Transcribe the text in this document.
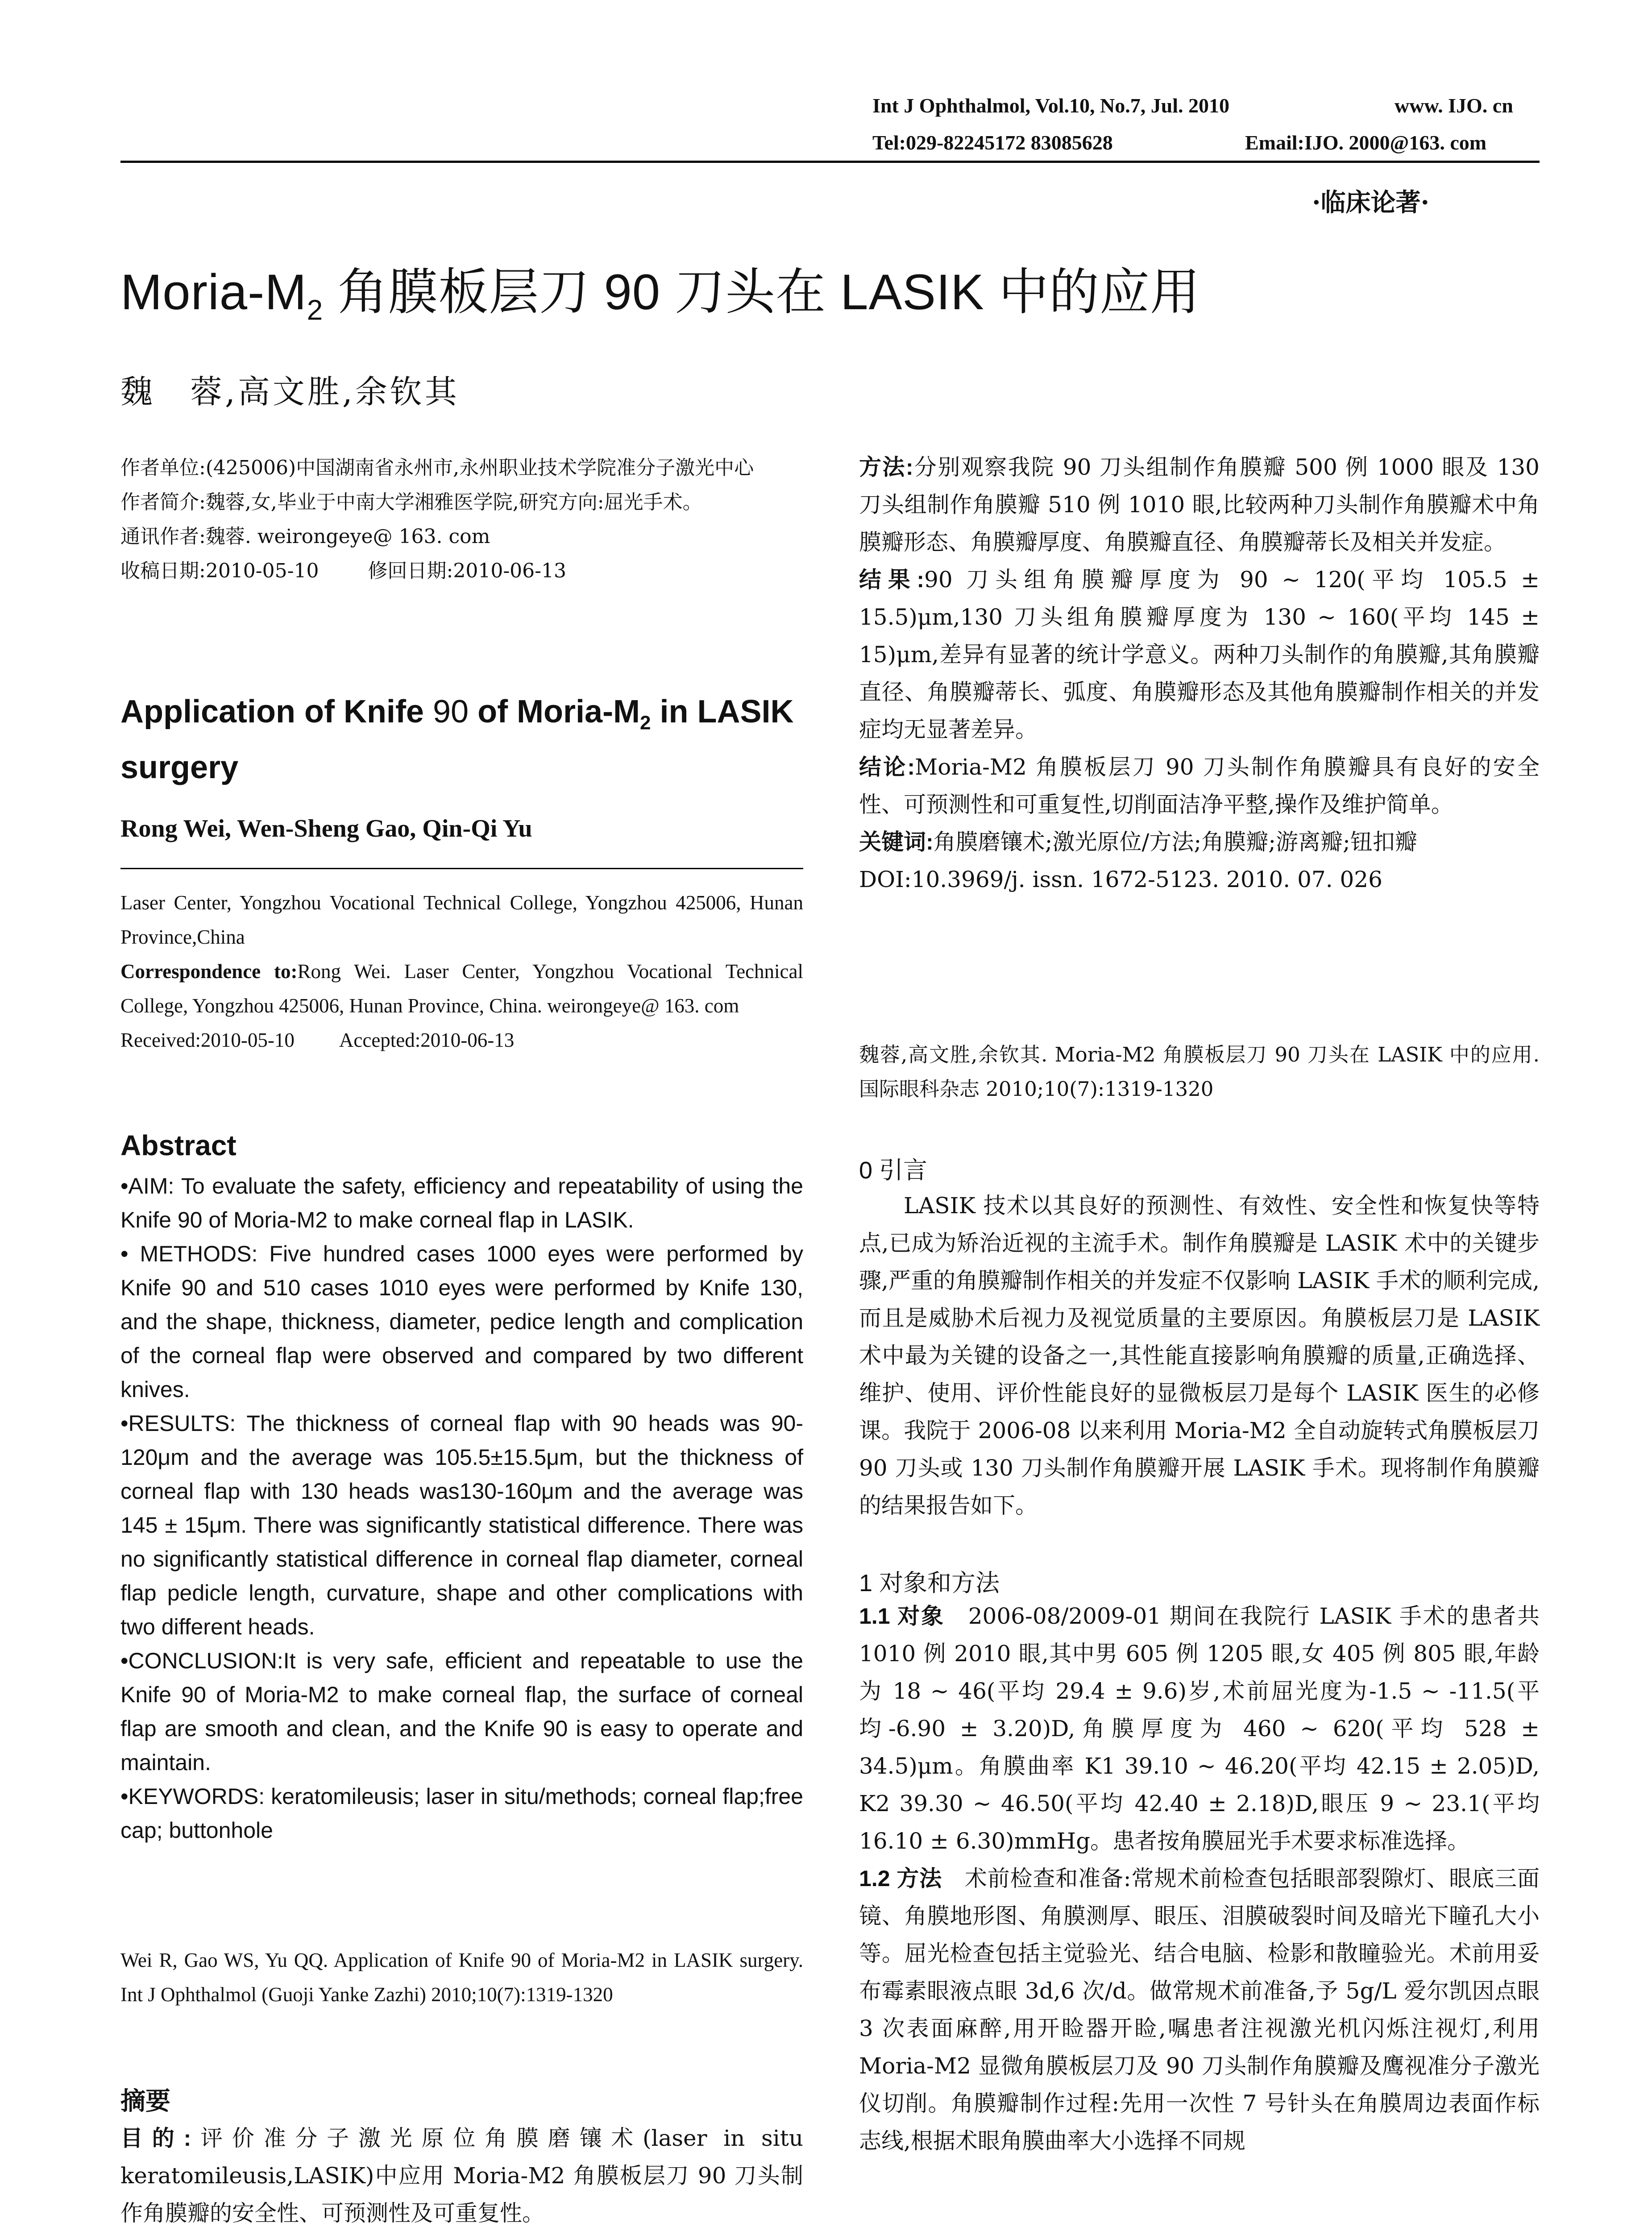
Int J Ophthalmol, Vol.10, No.7, Jul. 2010	www. IJO. cn
Tel:029-82245172 83085628	Email:IJO. 2000@163. com
·临床论著·
Moria-$M_2$ 角膜板层刀 90 刀头在 LASIK 中的应用
魏　蓉,高文胜,余钦其

作者单位:(425006)中国湖南省永州市,永州职业技术学院准分子激光中心

作者简介:魏蓉,女,毕业于中南大学湘雅医学院,研究方向:屈光手术。

通讯作者:魏蓉. weirongeye@ 163. com

收稿日期:2010-05-10	修回日期:2010-06-13

Application of Knife 90 of Moria-$M_2$ in LASIK surgery
Rong Wei, Wen-Sheng Gao, Qin-Qi Yu

Laser Center, Yongzhou Vocational Technical College, Yongzhou 425006, Hunan Province,China

Correspondence to:Rong Wei. Laser Center, Yongzhou Vocational Technical College, Yongzhou 425006, Hunan Province, China. weirongeye@ 163. com

Received:2010-05-10 Accepted:2010-06-13

Abstract

•AIM: To evaluate the safety, efficiency and repeatability of using the Knife 90 of Moria-M2 to make corneal flap in LASIK.

• METHODS: Five hundred cases 1000 eyes were performed by Knife 90 and 510 cases 1010 eyes were performed by Knife 130, and the shape, thickness, diameter, pedice length and complication of the corneal flap were observed and compared by two different knives.

•RESULTS: The thickness of corneal flap with 90 heads was 90-120μm and the average was 105.5±15.5μm, but the thickness of corneal flap with 130 heads was130-160μm and the average was 145 ± 15μm. There was significantly statistical difference. There was no significantly statistical difference in corneal flap diameter, corneal flap pedicle length, curvature, shape and other complications with two different heads.

•CONCLUSION:It is very safe, efficient and repeatable to use the Knife 90 of Moria-M2 to make corneal flap, the surface of corneal flap are smooth and clean, and the Knife 90 is easy to operate and maintain.

•KEYWORDS: keratomileusis; laser in situ/methods; corneal flap;free cap; buttonhole

Wei R, Gao WS, Yu QQ. Application of Knife 90 of Moria-M2 in LASIK surgery. Int J Ophthalmol (Guoji Yanke Zazhi) 2010;10(7):1319-1320

摘要

目的:评价准分子激光原位角膜磨镶术(laser in situ keratomileusis,LASIK)中应用 Moria-M2 角膜板层刀 90 刀头制作角膜瓣的安全性、可预测性及可重复性。

方法:分别观察我院 90 刀头组制作角膜瓣 500 例 1000 眼及 130 刀头组制作角膜瓣 510 例 1010 眼,比较两种刀头制作角膜瓣术中角膜瓣形态、角膜瓣厚度、角膜瓣直径、角膜瓣蒂长及相关并发症。

结果:90 刀头组角膜瓣厚度为 90 ~ 120(平均 105.5 ± 15.5)μm,130 刀头组角膜瓣厚度为 130 ~ 160(平均 145 ± 15)μm,差异有显著的统计学意义。两种刀头制作的角膜瓣,其角膜瓣直径、角膜瓣蒂长、弧度、角膜瓣形态及其他角膜瓣制作相关的并发症均无显著差异。

结论:Moria-M2 角膜板层刀 90 刀头制作角膜瓣具有良好的安全性、可预测性和可重复性,切削面洁净平整,操作及维护简单。

关键词:角膜磨镶术;激光原位/方法;角膜瓣;游离瓣;钮扣瓣

DOI:10.3969/j. issn. 1672-5123. 2010. 07. 026

魏蓉,高文胜,余钦其. Moria-M2 角膜板层刀 90 刀头在 LASIK 中的应用. 国际眼科杂志 2010;10(7):1319-1320

0 引言

LASIK 技术以其良好的预测性、有效性、安全性和恢复快等特点,已成为矫治近视的主流手术。制作角膜瓣是 LASIK 术中的关键步骤,严重的角膜瓣制作相关的并发症不仅影响 LASIK 手术的顺利完成,而且是威胁术后视力及视觉质量的主要原因。角膜板层刀是 LASIK 术中最为关键的设备之一,其性能直接影响角膜瓣的质量,正确选择、维护、使用、评价性能良好的显微板层刀是每个 LASIK 医生的必修课。我院于 2006-08 以来利用 Moria-M2 全自动旋转式角膜板层刀 90 刀头或 130 刀头制作角膜瓣开展 LASIK 手术。现将制作角膜瓣的结果报告如下。

1 对象和方法

1.1 对象　 2006-08/2009-01 期间在我院行 LASIK 手术的患者共 1010 例 2010 眼,其中男 605 例 1205 眼,女 405 例 805 眼,年龄为 18 ~ 46(平均 29.4 ± 9.6)岁,术前屈光度为-1.5 ~ -11.5(平均-6.90 ± 3.20)D,角膜厚度为 460 ~ 620(平均 528 ± 34.5)μm。角膜曲率 K1 39.10 ~ 46.20(平均 42.15 ± 2.05)D, K2 39.30 ~ 46.50(平均 42.40 ± 2.18)D,眼压 9 ~ 23.1(平均 16.10 ± 6.30)mmHg。患者按角膜屈光手术要求标准选择。

1.2 方法　 术前检查和准备:常规术前检查包括眼部裂隙灯、眼底三面镜、角膜地形图、角膜测厚、眼压、泪膜破裂时间及暗光下瞳孔大小等。屈光检查包括主觉验光、结合电脑、检影和散瞳验光。术前用妥布霉素眼液点眼 3d,6 次/d。做常规术前准备,予 5g/L 爱尔凯因点眼 3 次表面麻醉,用开睑器开睑,嘱患者注视激光机闪烁注视灯,利用 Moria-M2 显微角膜板层刀及 90 刀头制作角膜瓣及鹰视准分子激光仪切削。角膜瓣制作过程:先用一次性 7 号针头在角膜周边表面作标志线,根据术眼角膜曲率大小选择不同规
